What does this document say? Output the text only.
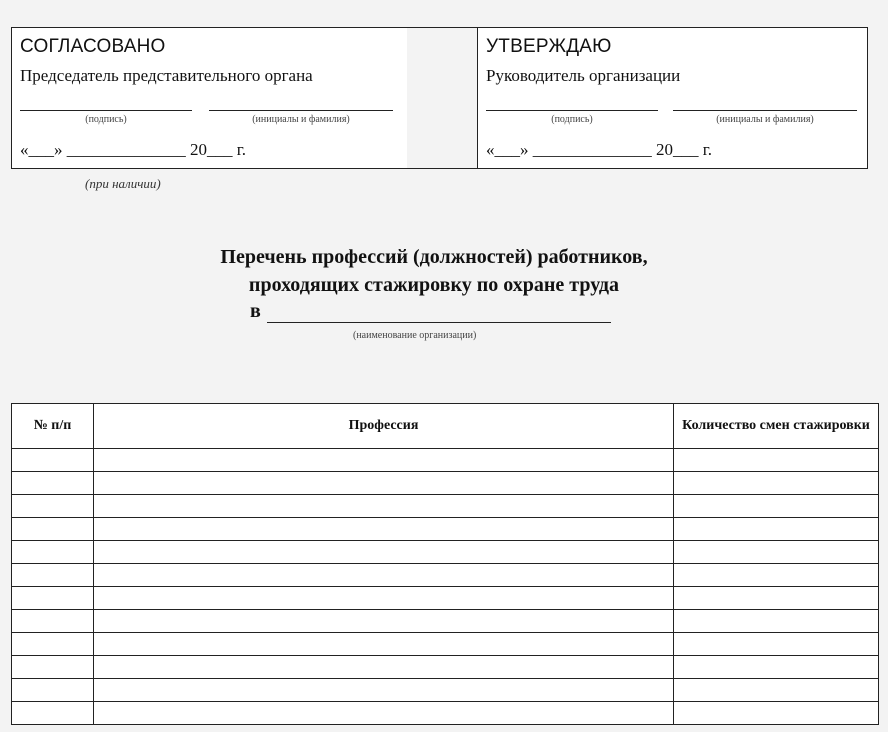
СОГЛАСОВАНО
Председатель представительного органа
(подпись)	(инициалы и фамилия)
«___» ______________ 20___ г.
УТВЕРЖДАЮ
Руководитель организации
(подпись)	(инициалы и фамилия)
«___» ______________ 20___ г.
(при наличии)
Перечень профессий (должностей) работников,
проходящих стажировку по охране труда
в
(наименование организации)
№ п/п	Профессия	Количество смен стажировки
